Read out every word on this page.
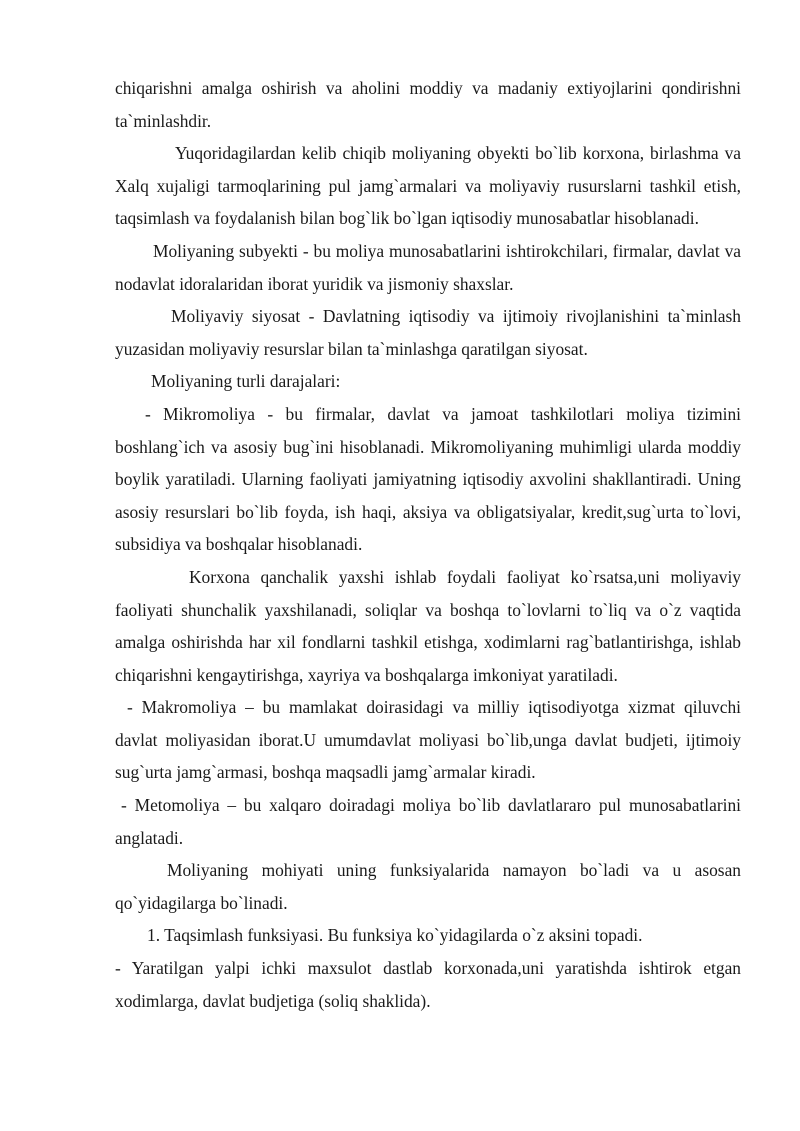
chiqarishni amalga oshirish va aholini moddiy va madaniy extiyojlarini qondirishni ta`minlashdir.

Yuqoridagilardan kelib chiqib moliyaning obyekti bo`lib korxona, birlashma va Xalq xujaligi tarmoqlarining pul jamg`armalari va moliyaviy rusurslarni tashkil etish, taqsimlash va foydalanish bilan bog`lik bo`lgan iqtisodiy munosabatlar hisoblanadi.

Moliyaning subyekti - bu moliya munosabatlarini ishtirokchilari, firmalar, davlat va nodavlat idoralaridan iborat yuridik va jismoniy shaxslar.

Moliyaviy siyosat - Davlatning iqtisodiy va ijtimoiy rivojlanishini ta`minlash yuzasidan moliyaviy resurslar bilan ta`minlashga qaratilgan siyosat.

Moliyaning turli darajalari:

- Mikromoliya - bu firmalar, davlat va jamoat tashkilotlari moliya tizimini boshlang`ich va asosiy bug`ini hisoblanadi. Mikromoliyaning muhimligi ularda moddiy boylik yaratiladi. Ularning faoliyati jamiyatning iqtisodiy axvolini shakllantiradi. Uning asosiy resurslari bo`lib foyda, ish haqi, aksiya va obligatsiyalar, kredit,sug`urta to`lovi, subsidiya va boshqalar hisoblanadi.

Korxona qanchalik yaxshi ishlab foydali faoliyat ko`rsatsa,uni moliyaviy faoliyati shunchalik yaxshilanadi, soliqlar va boshqa to`lovlarni to`liq va o`z vaqtida amalga oshirishda har xil fondlarni tashkil etishga, xodimlarni rag`batlantirishga, ishlab chiqarishni kengaytirishga, xayriya va boshqalarga imkoniyat yaratiladi.

- Makromoliya – bu mamlakat doirasidagi va milliy iqtisodiyotga xizmat qiluvchi davlat moliyasidan iborat.U umumdavlat moliyasi bo`lib,unga davlat budjeti, ijtimoiy sug`urta jamg`armasi, boshqa maqsadli jamg`armalar kiradi.

- Metomoliya – bu xalqaro doiradagi moliya bo`lib davlatlararo pul munosabatlarini anglatadi.

Moliyaning mohiyati uning funksiyalarida namayon bo`ladi va u asosan qo`yidagilarga bo`linadi.

1. Taqsimlash funksiyasi. Bu funksiya ko`yidagilarda o`z aksini topadi.

- Yaratilgan yalpi ichki maxsulot dastlab korxonada,uni yaratishda ishtirok etgan xodimlarga, davlat budjetiga (soliq shaklida).
